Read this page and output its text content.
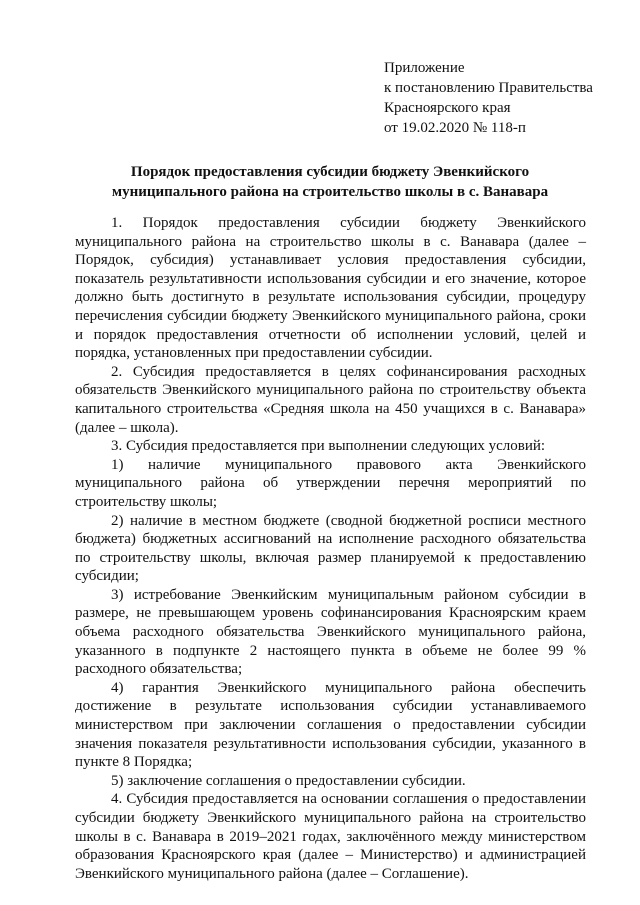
Приложение
к постановлению Правительства
Красноярского края
от 19.02.2020 № 118-п
Порядок предоставления субсидии бюджету Эвенкийского
муниципального района на строительство школы в с. Ванавара

1. Порядок предоставления субсидии бюджету Эвенкийского муниципального района на строительство школы в с. Ванавара (далее – Порядок, субсидия) устанавливает условия предоставления субсидии, показатель результативности использования субсидии и его значение, которое должно быть достигнуто в результате использования субсидии, процедуру перечисления субсидии бюджету Эвенкийского муниципального района, сроки и порядок предоставления отчетности об исполнении условий, целей и порядка, установленных при предоставлении субсидии.

2. Субсидия предоставляется в целях софинансирования расходных обязательств Эвенкийского муниципального района по строительству объекта капитального строительства «Средняя школа на 450 учащихся в с. Ванавара» (далее – школа).

3. Субсидия предоставляется при выполнении следующих условий:

1) наличие муниципального правового акта Эвенкийского муниципального района об утверждении перечня мероприятий по строительству школы;

2) наличие в местном бюджете (сводной бюджетной росписи местного бюджета) бюджетных ассигнований на исполнение расходного обязательства по строительству школы, включая размер планируемой к предоставлению субсидии;

3) истребование Эвенкийским муниципальным районом субсидии в размере, не превышающем уровень софинансирования Красноярским краем объема расходного обязательства Эвенкийского муниципального района, указанного в подпункте 2 настоящего пункта в объеме не более 99 % расходного обязательства;

4) гарантия Эвенкийского муниципального района обеспечить достижение в результате использования субсидии устанавливаемого министерством при заключении соглашения о предоставлении субсидии значения показателя результативности использования субсидии, указанного в пункте 8 Порядка;

5) заключение соглашения о предоставлении субсидии.

4. Субсидия предоставляется на основании соглашения о предоставлении субсидии бюджету Эвенкийского муниципального района на строительство школы в с. Ванавара в 2019–2021 годах, заключённого между министерством образования Красноярского края (далее – Министерство) и администрацией Эвенкийского муниципального района (далее – Соглашение).
